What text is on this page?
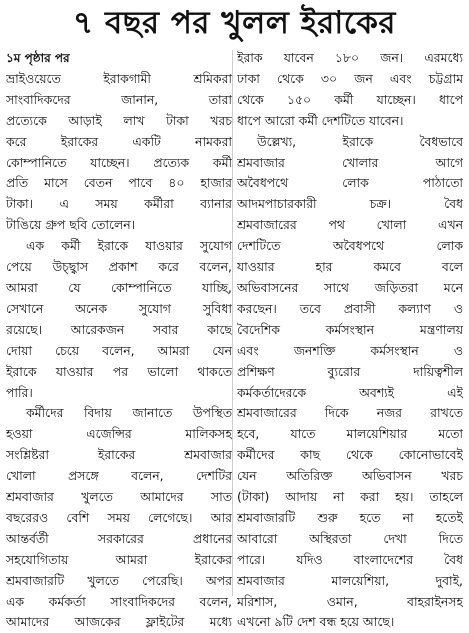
৭ বছর পর খুলল ইরাকের
১ম পৃষ্ঠার পর
ভ্রাইওয়েতে ইরাকগামী শ্রমিকরা
সাংবাদিকদের জানান, তারা
প্রত্যেকে আড়াই লাখ টাকা খরচ
করে ইরাকের একটি নামকরা
কোম্পানিতে যাচ্ছেন। প্রত্যেক কর্মী
প্রতি মাসে বেতন পাবে ৪০ হাজার
টাকা। এ সময় কর্মীরা ব্যানার
টাঙিয়ে গ্রুপ ছবি তোলেন।
এক কর্মী ইরাকে যাওয়ার সুযোগ
পেয়ে উচ্ছ্বাস প্রকাশ করে বলেন,
আমরা যে কোম্পানিতে যাচ্ছি,
সেখানে অনেক সুযোগ সুবিধা
রয়েছে। আরেকজন সবার কাছে
দোয়া চেয়ে বলেন, আমরা যেন
ইরাকে যাওয়ার পর ভালো থাকতে
পারি।
কর্মীদের বিদায় জানাতে উপস্থিত
হওয়া এজেন্সির মালিকসহ
সংশ্লিষ্টরা ইরাকের শ্রমবাজার
খোলা প্রসঙ্গে বলেন, দেশটির
শ্রমবাজার খুলতে আমাদের সাত
বছরেরও বেশি সময় লেগেছে। আর
আন্তর্বর্তী সরকারের প্রধানের
সহযোগিতায় আমরা ইরাকের
শ্রমবাজারটি খুলতে পেরেছি। অপর
এক কর্মকর্তা সাংবাদিকদের বলেন,
আমাদের আজকের ফ্লাইটের মধ্যে
ইরাক যাবেন ১৮০ জন। এরমধ্যে
ঢাকা থেকে ৩০ জন এবং চট্টগ্রাম
থেকে ১৫০ কর্মী যাচ্ছেন। ধাপে
ধাপে আরো কর্মী দেশটিতে যাবেন।
উল্লেখ্য, ইরাকে বৈধভাবে
শ্রমবাজার খোলার আগে
অবৈধপথে লোক পাঠাতো
আদমপাচারকারী চক্র। বৈধ
শ্রমবাজারের পথ খোলা এখন
দেশটিতে অবৈধপথে লোক
যাওয়ার হার কমবে বলে
অভিবাসনের সাথে জড়িতরা মনে
করছেন। তবে প্রবাসী কল্যাণ ও
বৈদেশিক কর্মসংস্থান মন্ত্রণালয়
এবং জনশক্তি কর্মসংস্থান ও
প্রশিক্ষণ ব্যুরোর দায়িত্বশীল
কর্মকর্তাদেরকে অবশ্যই এই
শ্রমবাজারের দিকে নজর রাখতে
হবে, যাতে মালয়েশিয়ার মতো
কর্মীদের কাছ থেকে কোনোভাবেই
যেন অতিরিক্ত অভিবাসন খরচ
(টাকা) আদায় না করা হয়। তাহলে
শ্রমবাজারটি শুরু হতে না হতেই
আবারো অস্থিরতা দেখা দিতে
পারে। যদিও বাংলাদেশের বৈধ
শ্রমবাজার মালয়েশিয়া, দুবাই,
মরিশাস, ওমান, বাহরাইনসহ
এখনো ৯টি দেশ বন্ধ হয়ে আছে।
